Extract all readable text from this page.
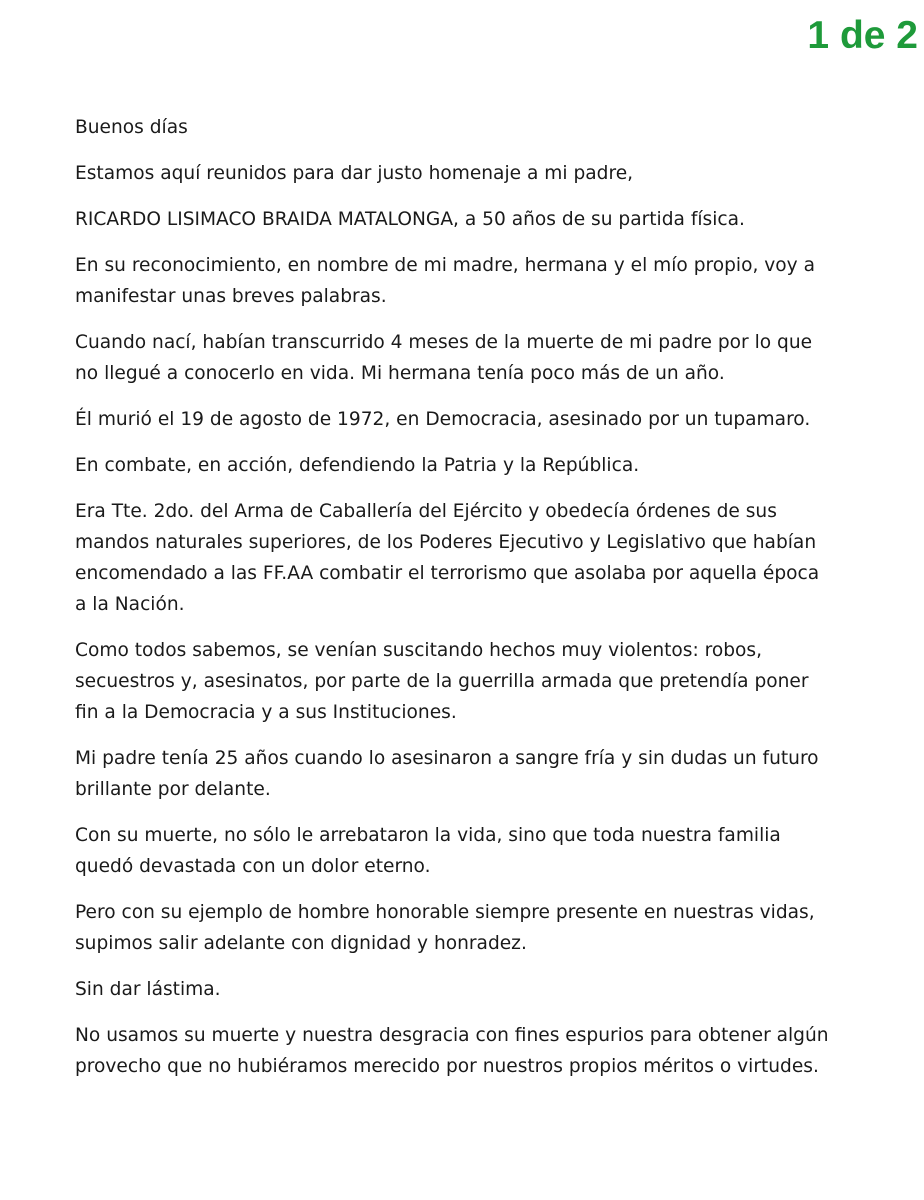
1 de 2

Buenos días

Estamos aquí reunidos para dar justo homenaje a mi padre,

RICARDO LISIMACO BRAIDA MATALONGA, a 50 años de su partida física.

En su reconocimiento, en nombre de mi madre, hermana y el mío propio, voy a
manifestar unas breves palabras.

Cuando nací, habían transcurrido 4 meses de la muerte de mi padre por lo que
no llegué a conocerlo en vida. Mi hermana tenía poco más de un año.

Él murió el 19 de agosto de 1972, en Democracia, asesinado por un tupamaro.

En combate, en acción, defendiendo la Patria y la República.

Era Tte. 2do. del Arma de Caballería del Ejército y obedecía órdenes de sus
mandos naturales superiores, de los Poderes Ejecutivo y Legislativo que habían
encomendado a las FF.AA combatir el terrorismo que asolaba por aquella época
a la Nación.

Como todos sabemos, se venían suscitando hechos muy violentos: robos,
secuestros y, asesinatos, por parte de la guerrilla armada que pretendía poner
fin a la Democracia y a sus Instituciones.

Mi padre tenía 25 años cuando lo asesinaron a sangre fría y sin dudas un futuro
brillante por delante.

Con su muerte, no sólo le arrebataron la vida, sino que toda nuestra familia
quedó devastada con un dolor eterno.

Pero con su ejemplo de hombre honorable siempre presente en nuestras vidas,
supimos salir adelante con dignidad y honradez.

Sin dar lástima.

No usamos su muerte y nuestra desgracia con fines espurios para obtener algún
provecho que no hubiéramos merecido por nuestros propios méritos o virtudes.
